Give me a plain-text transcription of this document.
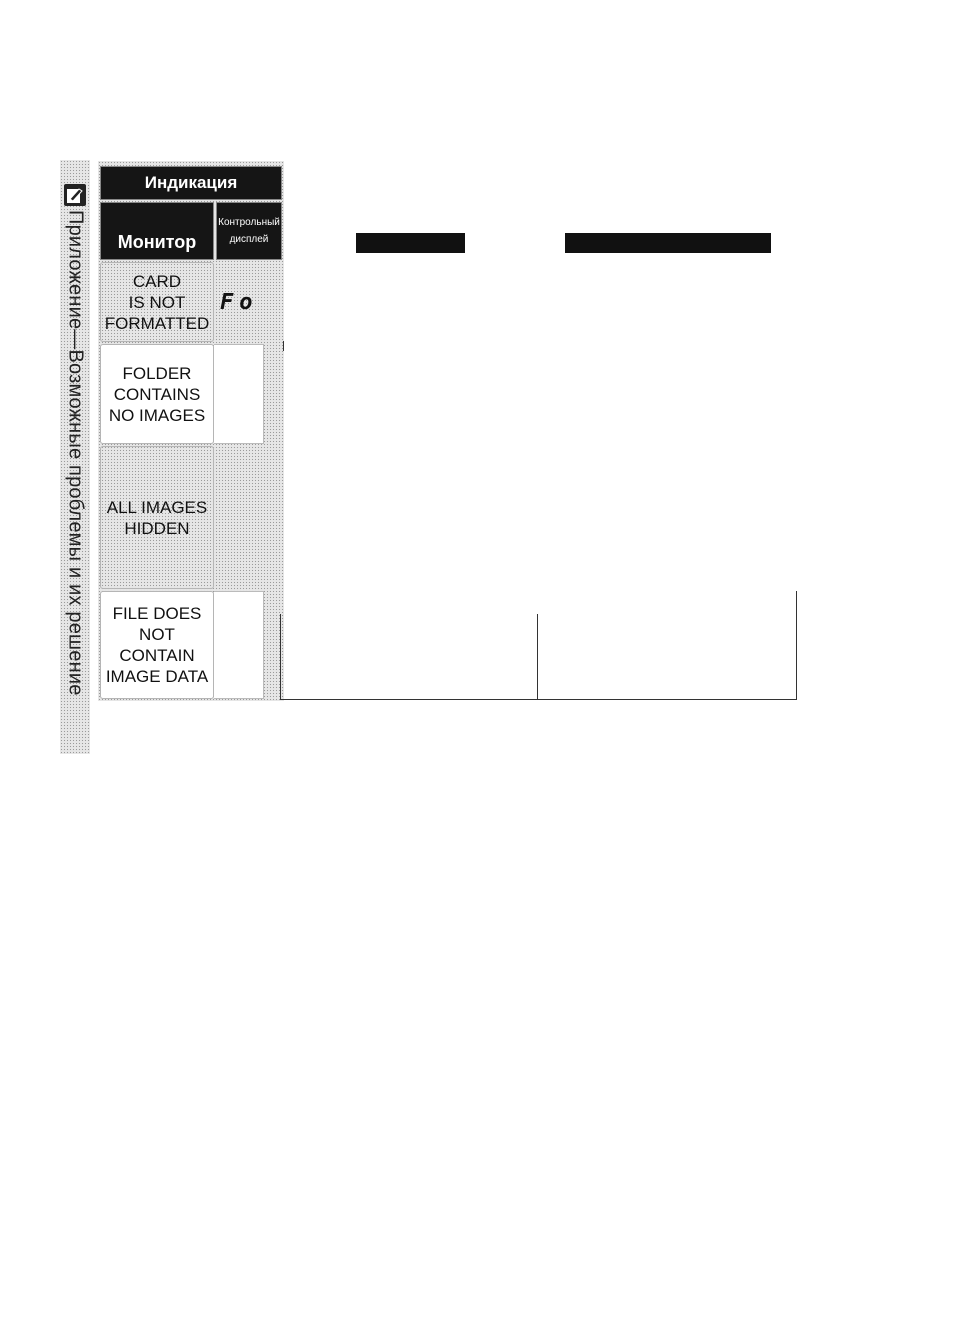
Приложение—Возможные проблемы и их решение
Индикация
Монитор
Контрольный
дисплей
CARD
IS NOT
FORMATTED
Fo
FOLDER
CONTAINS
NO IMAGES
ALL IMAGES
HIDDEN
FILE DOES
NOT
CONTAIN
IMAGE DATA
